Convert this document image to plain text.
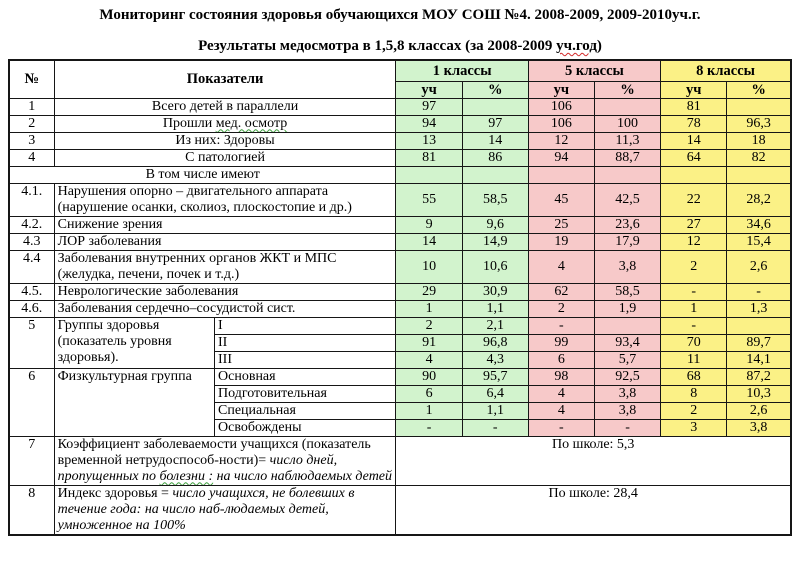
Мониторинг состояния здоровья обучающихся МОУ СОШ №4. 2008-2009, 2009-2010уч.г.
Результаты медосмотра в 1,5,8 классах (за 2008-2009 уч.год)
№	Показатели		1 классы		5 классы		8 классы	
			уч	%	уч	%	уч	%
1	Всего детей в параллели		97		106		81	
2	Прошли мед. осмотр		94	97	106	100	78	96,3
3	Из них: Здоровы		13	14	12	11,3	14	18
4	С патологией		81	86	94	88,7	64	82
В том числе имеют								
4.1.	Нарушения опорно – двигательного аппарата (нарушение осанки, сколиоз, плоскостопие и др.)		55	58,5	45	42,5	22	28,2
4.2.	Снижение зрения		9	9,6	25	23,6	27	34,6
4.3	ЛОР заболевания		14	14,9	19	17,9	12	15,4
4.4	Заболевания внутренних органов ЖКТ и МПС (желудка, печени, почек и т.д.)		10	10,6	4	3,8	2	2,6
4.5.	Неврологические заболевания		29	30,9	62	58,5	-	-
4.6.	Заболевания сердечно–сосудистой сист.		1	1,1	2	1,9	1	1,3
5	Группы здоровья (показатель уровня здоровья).	I	2	2,1	-		-	
		II	91	96,8	99	93,4	70	89,7
		III	4	4,3	6	5,7	11	14,1
6	Физкультурная группа	Основная	90	95,7	98	92,5	68	87,2
		Подготовительная	6	6,4	4	3,8	8	10,3
		Специальная	1	1,1	4	3,8	2	2,6
		Освобождены	-	-	-	-	3	3,8
7	Коэффициент заболеваемости учащихся (показатель временной нетрудоспособ-ности)= число дней, пропущенных по болезни : на число наблюдаемых детей		По школе: 5,3					
8	Индекс здоровья = число учащихся, не болевших в течение года: на число наб-людаемых детей, умноженное на 100%		По школе: 28,4					
